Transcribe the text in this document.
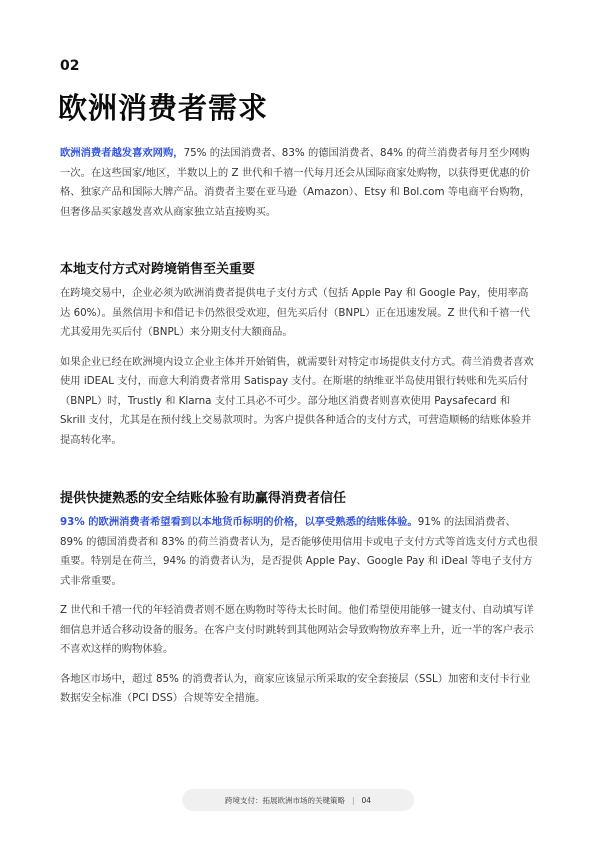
02
欧洲消费者需求

欧洲消费者越发喜欢网购，75% 的法国消费者、83% 的德国消费者、84% 的荷兰消费者每月至少网购一次。在这些国家/地区，半数以上的 Z 世代和千禧一代每月还会从国际商家处购物，以获得更优惠的价格、独家产品和国际大牌产品。消费者主要在亚马逊（Amazon）、Etsy 和 Bol.com 等电商平台购物，但奢侈品买家越发喜欢从商家独立站直接购买。

本地支付方式对跨境销售至关重要

在跨境交易中，企业必须为欧洲消费者提供电子支付方式（包括 Apple Pay 和 Google Pay，使用率高达 60%）。虽然信用卡和借记卡仍然很受欢迎，但先买后付（BNPL）正在迅速发展。Z 世代和千禧一代尤其爱用先买后付（BNPL）来分期支付大额商品。

如果企业已经在欧洲境内设立企业主体并开始销售，就需要针对特定市场提供支付方式。荷兰消费者喜欢使用 iDEAL 支付，而意大利消费者常用 Satispay 支付。在斯堪的纳维亚半岛使用银行转账和先买后付（BNPL）时，Trustly 和 Klarna 支付工具必不可少。部分地区消费者则喜欢使用 Paysafecard 和 Skrill 支付，尤其是在预付线上交易款项时。为客户提供各种适合的支付方式，可营造顺畅的结账体验并提高转化率。

提供快捷熟悉的安全结账体验有助赢得消费者信任

93% 的欧洲消费者希望看到以本地货币标明的价格，以享受熟悉的结账体验。91% 的法国消费者、89% 的德国消费者和 83% 的荷兰消费者认为，是否能够使用信用卡或电子支付方式等首选支付方式也很重要。特别是在荷兰，94% 的消费者认为，是否提供 Apple Pay、Google Pay 和 iDeal 等电子支付方式非常重要。

Z 世代和千禧一代的年轻消费者则不愿在购物时等待太长时间。他们希望使用能够一键支付、自动填写详细信息并适合移动设备的服务。在客户支付时跳转到其他网站会导致购物放弃率上升，近一半的客户表示不喜欢这样的购物体验。

各地区市场中，超过 85% 的消费者认为，商家应该显示所采取的安全套接层（SSL）加密和支付卡行业数据安全标准（PCI DSS）合规等安全措施。

跨境支付：拓展欧洲市场的关键策略 | 04
